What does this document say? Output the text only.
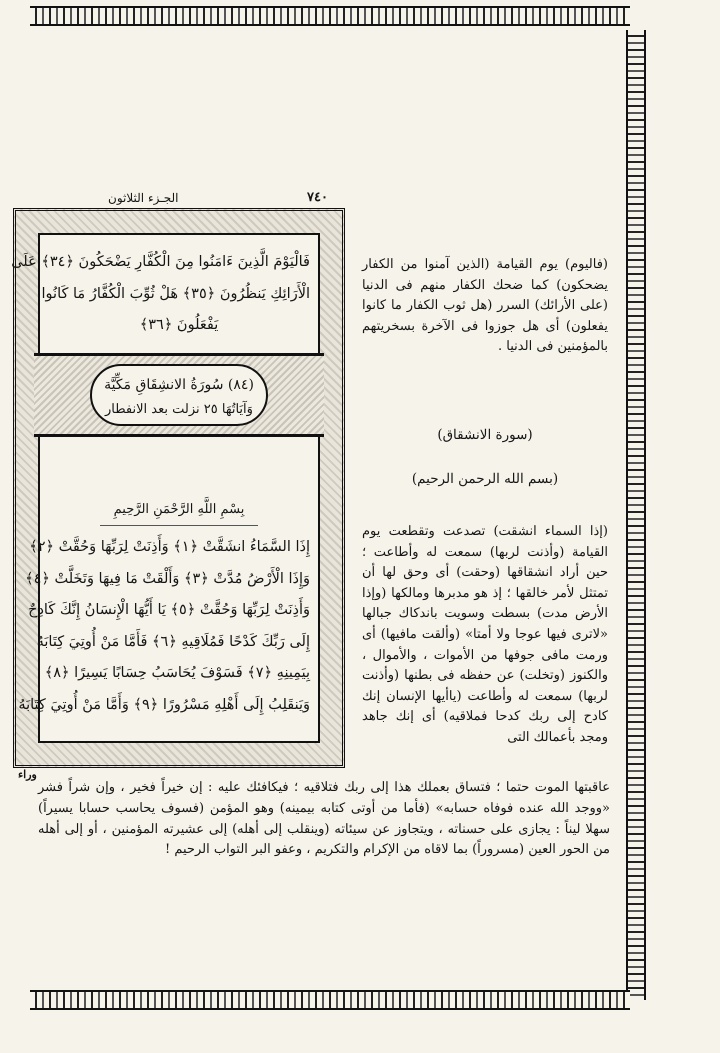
٧٤٠
الجـزء الثلاثون
فَالْيَوْمَ الَّذِينَ ءَامَنُوا مِنَ الْكُفَّارِ يَضْحَكُونَ ﴿٣٤﴾ عَلَى
الْأَرَائِكِ يَنظُرُونَ ﴿٣٥﴾ هَلْ ثُوِّبَ الْكُفَّارُ مَا كَانُوا
يَفْعَلُونَ ﴿٣٦﴾
(٨٤) سُورَةُ الانشِقَاقِ مَكِّيَّة
وَآيَاتُهَا ٢٥ نزلت بعد الانفطار
بِسْمِ اللَّهِ الرَّحْمَنِ الرَّحِيمِ
إِذَا السَّمَاءُ انشَقَّتْ ﴿١﴾ وَأَذِنَتْ لِرَبِّهَا وَحُقَّتْ ﴿٢﴾
وَإِذَا الْأَرْضُ مُدَّتْ ﴿٣﴾ وَأَلْقَتْ مَا فِيهَا وَتَخَلَّتْ ﴿٤﴾
وَأَذِنَتْ لِرَبِّهَا وَحُقَّتْ ﴿٥﴾ يَا أَيُّهَا الْإِنسَانُ إِنَّكَ كَادِحٌ
إِلَى رَبِّكَ كَدْحًا فَمُلَاقِيهِ ﴿٦﴾ فَأَمَّا مَنْ أُوتِيَ كِتَابَهُ
بِيَمِينِهِ ﴿٧﴾ فَسَوْفَ يُحَاسَبُ حِسَابًا يَسِيرًا ﴿٨﴾
وَيَنقَلِبُ إِلَى أَهْلِهِ مَسْرُورًا ﴿٩﴾ وَأَمَّا مَنْ أُوتِيَ كِتَابَهُ
وراء
(فاليوم) يوم القيامة (الذين آمنوا من الكفار يضحكون) كما ضحك الكفار منهم فى الدنيا (على الأرائك) السرر (هل ثوب الكفار ما كانوا يفعلون) أى هل جوزوا فى الآخرة بسخريتهم بالمؤمنين فى الدنيا .
(سورة الانشقاق)
(بسم الله الرحمن الرحيم)
(إذا السماء انشقت) تصدعت وتقطعت يوم القيامة (وأذنت لربها) سمعت له وأطاعت ؛ حين أراد انشقاقها (وحقت) أى وحق لها أن تمتثل لأمر خالقها ؛ إذ هو مدبرها ومالكها (وإذا الأرض مدت) بسطت وسويت باندكاك جبالها «لاترى فيها عوجا ولا أمتا» (وألقت مافيها) أى ورمت مافى جوفها من الأموات ، والأموال ، والكنوز (وتخلت) عن حفظه فى بطنها (وأذنت لربها) سمعت له وأطاعت (ياأيها الإنسان إنك كادح إلى ربك كدحا فملاقيه) أى إنك جاهد ومجد بأعمالك التى
عاقبتها الموت حتما ؛ فتساق بعملك هذا إلى ربك فتلاقيه ؛ فيكافئك عليه : إن خيراً فخير ، وإن شراً فشر «ووجد الله عنده فوفاه حسابه» (فأما من أوتى كتابه بيمينه) وهو المؤمن (فسوف يحاسب حسابا يسيراً) سهلا ليناً : يجازى على حسناته ، ويتجاوز عن سيئاته (وينقلب إلى أهله) إلى عشيرته المؤمنين ، أو إلى أهله من الحور العين (مسروراً) بما لاقاه من الإكرام والتكريم ، وعفو البر التواب الرحيم !
